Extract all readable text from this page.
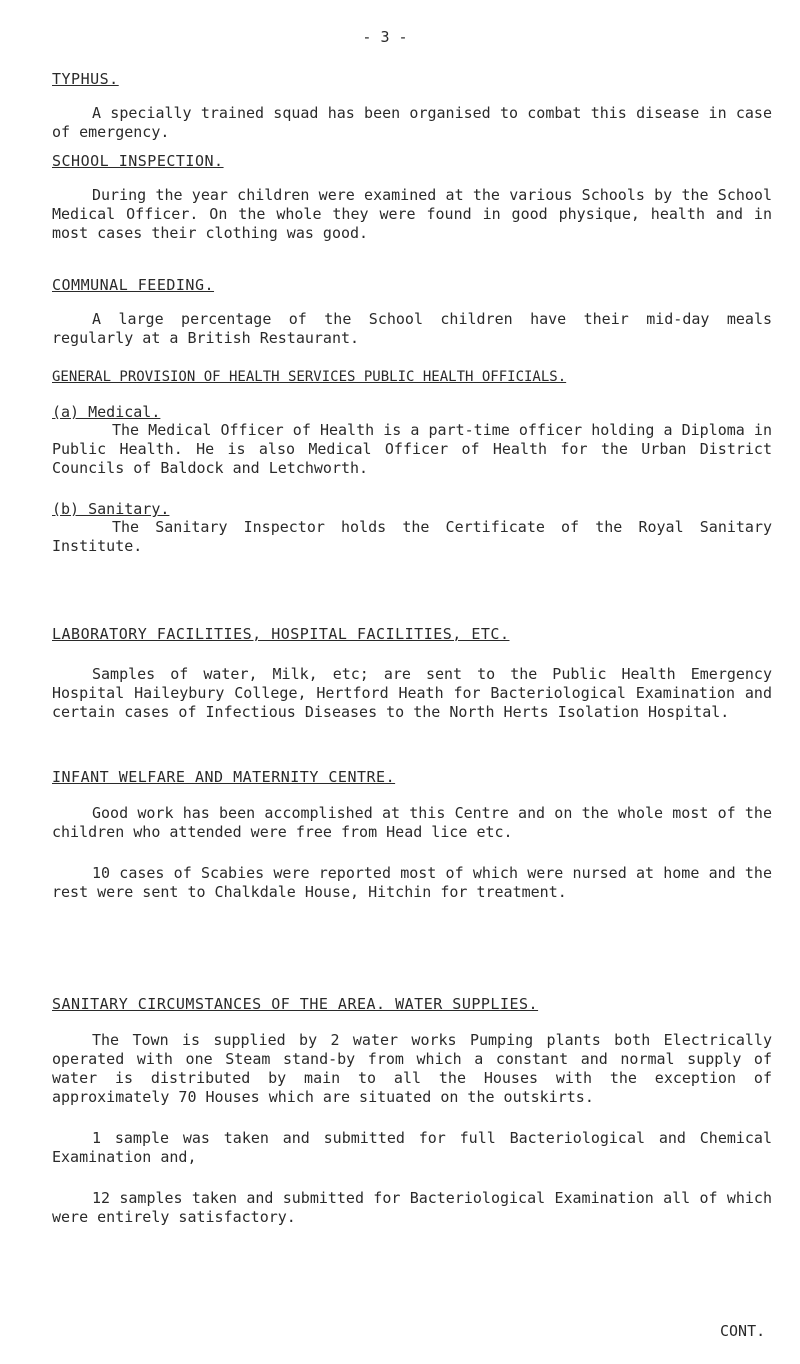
- 3 -
TYPHUS.

A specially trained squad has been organised to combat this disease in case of emergency.

SCHOOL INSPECTION.

During the year children were examined at the various Schools by the School Medical Officer. On the whole they were found in good physique, health and in most cases their clothing was good.

COMMUNAL FEEDING.

A large percentage of the School children have their mid-day meals regularly at a British Restaurant.

GENERAL PROVISION OF HEALTH SERVICES PUBLIC HEALTH OFFICIALS.
(a) Medical.

The Medical Officer of Health is a part-time officer holding a Diploma in Public Health. He is also Medical Officer of Health for the Urban District Councils of Baldock and Letchworth.

(b) Sanitary.

The Sanitary Inspector holds the Certificate of the Royal Sanitary Institute.

LABORATORY FACILITIES, HOSPITAL FACILITIES, ETC.

Samples of water, Milk, etc; are sent to the Public Health Emergency Hospital Haileybury College, Hertford Heath for Bacteriological Examination and certain cases of Infectious Diseases to the North Herts Isolation Hospital.

INFANT WELFARE AND MATERNITY CENTRE.

Good work has been accomplished at this Centre and on the whole most of the children who attended were free from Head lice etc.

10 cases of Scabies were reported most of which were nursed at home and the rest were sent to Chalkdale House, Hitchin for treatment.

SANITARY CIRCUMSTANCES OF THE AREA. WATER SUPPLIES.

The Town is supplied by 2 water works Pumping plants both Electrically operated with one Steam stand-by from which a constant and normal supply of water is distributed by main to all the Houses with the exception of approximately 70 Houses which are situated on the outskirts.

1 sample was taken and submitted for full Bacteriological and Chemical Examination and,

12 samples taken and submitted for Bacteriological Examination all of which were entirely satisfactory.

CONT.
